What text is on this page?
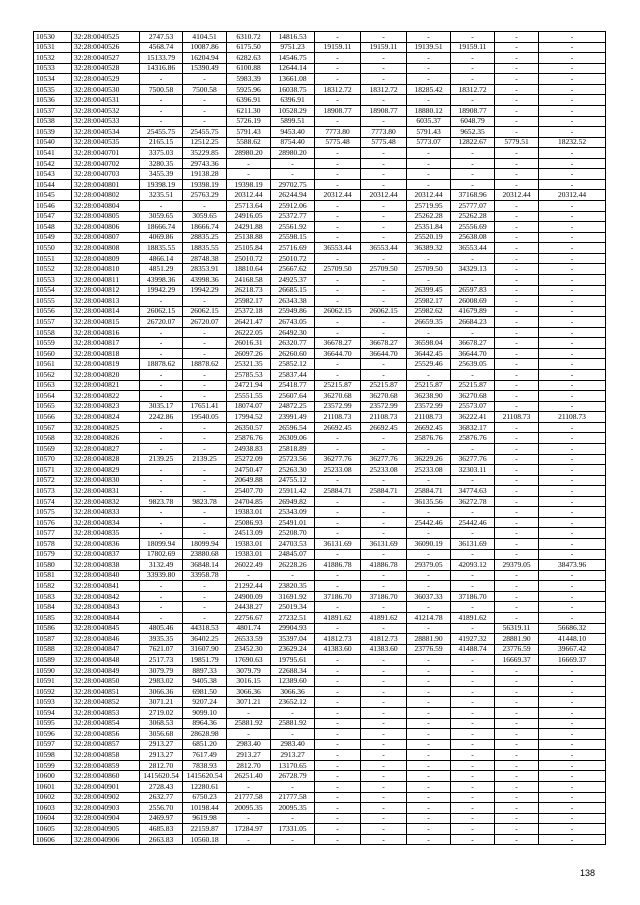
10530	32:28:0040525	2747.53	4104.51	6310.72	14816.53	-	-	-	-	-	-
10531	32:28:0040526	4568.74	10087.86	6175.50	9751.23	19159.11	19159.11	19139.51	19159.11	-	-
10532	32:28:0040527	15133.79	16204.94	6282.63	14546.75	-	-	-	-	-	-
10533	32:28:0040528	14316.86	15390.49	6100.88	12644.14	-	-	-	-	-	-
10534	32:28:0040529	-	-	5983.39	13661.08	-	-	-	-	-	-
10535	32:28:0040530	7500.58	7500.58	5925.96	16038.75	18312.72	18312.72	18285.42	18312.72	-	-
10536	32:28:0040531	-	-	6396.91	6396.91	-	-	-	-	-	-
10537	32:28:0040532	-	-	6211.30	10528.29	18908.77	18908.77	18880.12	18908.77	-	-
10538	32:28:0040533	-	-	5726.19	5899.51	-	-	6035.37	6048.79	-	-
10539	32:28:0040534	25455.75	25455.75	5791.43	9453.40	7773.80	7773.80	5791.43	9652.35	-	-
10540	32:28:0040535	2165.15	12512.25	5588.62	8754.40	5775.48	5775.48	5773.07	12822.67	5779.51	18232.52
10541	32:28:0040701	3375.03	35229.85	28980.20	28980.20	-	-	-	-	-	-
10542	32:28:0040702	3280.35	29743.36	-	-	-	-	-	-	-	-
10543	32:28:0040703	3455.39	19138.28	-	-	-	-	-	-	-	-
10544	32:28:0040801	19398.19	19398.19	19398.19	29702.75	-	-	-	-	-	-
10545	32:28:0040802	3235.51	25763.29	20312.44	26244.94	20312.44	20312.44	20312.44	37168.96	20312.44	20312.44
10546	32:28:0040804	-	-	25713.64	25912.06	-	-	25719.95	25777.07	-	-
10547	32:28:0040805	3059.65	3059.65	24916.05	25372.77	-	-	25262.28	25262.28	-	-
10548	32:28:0040806	18666.74	18666.74	24291.88	25561.92	-	-	25351.84	25556.69	-	-
10549	32:28:0040807	4069.86	28835.25	25138.88	25598.15	-	-	25520.19	25638.08	-	-
10550	32:28:0040808	18835.55	18835.55	25105.84	25716.69	36553.44	36553.44	36389.32	36553.44	-	-
10551	32:28:0040809	4866.14	28748.38	25010.72	25010.72	-	-	-	-	-	-
10552	32:28:0040810	4851.29	28353.91	18810.64	25667.62	25709.50	25709.50	25709.50	34329.13	-	-
10553	32:28:0040811	43998.36	43998.36	24168.58	24925.37	-	-	-	-	-	-
10554	32:28:0040812	19942.29	19942.29	26218.73	26685.15	-	-	26399.45	26597.83	-	-
10555	32:28:0040813	-	-	25982.17	26343.38	-	-	25982.17	26008.69	-	-
10556	32:28:0040814	26062.15	26062.15	25372.18	25949.86	26062.15	26062.15	25982.62	41679.89	-	-
10557	32:28:0040815	26720.07	26720.07	26421.47	26743.05	-	-	26659.35	26684.23	-	-
10558	32:28:0040816	-	-	26222.05	26492.30	-	-	-	-	-	-
10559	32:28:0040817	-	-	26016.31	26320.77	36678.27	36678.27	36598.04	36678.27	-	-
10560	32:28:0040818	-	-	26097.26	26260.60	36644.70	36644.70	36442.45	36644.70	-	-
10561	32:28:0040819	18878.62	18878.62	25321.35	25852.12	-	-	25529.46	25639.05	-	-
10562	32:28:0040820	-	-	25785.53	25837.44	-	-	-	-	-	-
10563	32:28:0040821	-	-	24721.94	25418.77	25215.87	25215.87	25215.87	25215.87	-	-
10564	32:28:0040822	-	-	25551.55	25607.64	36270.68	36270.68	36238.90	36270.68	-	-
10565	32:28:0040823	3035.17	17651.41	18074.07	24872.25	23572.99	23572.99	23572.99	25573.07	-	-
10566	32:28:0040824	2242.86	19540.05	17994.52	23991.49	21108.73	21108.73	21108.73	36222.41	21108.73	21108.73
10567	32:28:0040825	-	-	26350.57	26596.54	26692.45	26692.45	26692.45	36832.17	-	-
10568	32:28:0040826	-	-	25876.76	26309.06	-	-	25876.76	25876.76	-	-
10569	32:28:0040827	-	-	24938.83	25818.89	-	-	-	-	-	-
10570	32:28:0040828	2139.25	2139.25	25272.09	25723.56	36277.76	36277.76	36229.26	36277.76	-	-
10571	32:28:0040829	-	-	24750.47	25263.30	25233.08	25233.08	25233.08	32303.11	-	-
10572	32:28:0040830	-	-	20649.88	24755.12	-	-	-	-	-	-
10573	32:28:0040831	-	-	25407.70	25911.42	25884.71	25884.71	25884.71	34774.63	-	-
10574	32:28:0040832	9823.78	9823.78	24704.85	26949.82	-	-	36135.56	36272.78	-	-
10575	32:28:0040833	-	-	19383.01	25343.09	-	-	-	-	-	-
10576	32:28:0040834	-	-	25086.93	25491.01	-	-	25442.46	25442.46	-	-
10577	32:28:0040835	-	-	24513.09	25208.70	-	-	-	-	-	-
10578	32:28:0040836	18099.94	18099.94	19383.01	24703.53	36131.69	36131.69	36090.19	36131.69	-	-
10579	32:28:0040837	17802.69	23880.68	19383.01	24845.07	-	-	-	-	-	-
10580	32:28:0040838	3132.49	36848.14	26022.49	26228.26	41886.78	41886.78	29379.05	42093.12	29379.05	38473.96
10581	32:28:0040840	33939.80	33958.78	-	-	-	-	-	-	-	-
10582	32:28:0040841	-	-	21292.44	23820.35	-	-	-	-	-	-
10583	32:28:0040842	-	-	24900.09	31691.92	37186.70	37186.70	36037.33	37186.70	-	-
10584	32:28:0040843	-	-	24438.27	25019.34	-	-	-	-	-	-
10585	32:28:0040844	-	-	22756.67	27232.51	41891.62	41891.62	41214.78	41891.62	-	-
10586	32:28:0040845	4805.46	44318.53	4801.74	29904.93	-	-	-	-	56319.11	56686.32
10587	32:28:0040846	3935.35	36402.25	26533.59	35397.04	41812.73	41812.73	28881.90	41927.32	28881.90	41448.10
10588	32:28:0040847	7621.07	31607.90	23452.30	23629.24	41383.60	41383.60	23776.59	41488.74	23776.59	39667.42
10589	32:28:0040848	2517.73	19851.79	17690.63	19795.61	-	-	-	-	16669.37	16669.37
10590	32:28:0040849	3079.79	8897.33	3079.79	22688.34	-	-	-	-	-	-
10591	32:28:0040850	2983.02	9405.38	3016.15	12389.60	-	-	-	-	-	-
10592	32:28:0040851	3066.36	6981.50	3066.36	3066.36	-	-	-	-	-	-
10593	32:28:0040852	3071.21	9207.24	3071.21	23652.12	-	-	-	-	-	-
10594	32:28:0040853	2719.02	9099.10	-	-	-	-	-	-	-	-
10595	32:28:0040854	3068.53	8964.36	25881.92	25881.92	-	-	-	-	-	-
10596	32:28:0040856	3056.68	28628.98	-	-	-	-	-	-	-	-
10597	32:28:0040857	2913.27	6851.20	2983.40	2983.40	-	-	-	-	-	-
10598	32:28:0040858	2913.27	7617.49	2913.27	2913.27	-	-	-	-	-	-
10599	32:28:0040859	2812.70	7838.93	2812.70	13170.65	-	-	-	-	-	-
10600	32:28:0040860	1415620.54	1415620.54	26251.40	26728.79	-	-	-	-	-	-
10601	32:28:0040901	2728.43	12280.61	-	-	-	-	-	-	-	-
10602	32:28:0040902	2632.77	6750.23	21777.58	21777.58	-	-	-	-	-	-
10603	32:28:0040903	2556.70	10198.44	20095.35	20095.35	-	-	-	-	-	-
10604	32:28:0040904	2469.97	9619.98	-	-	-	-	-	-	-	-
10605	32:28:0040905	4685.83	22159.87	17284.97	17331.05	-	-	-	-	-	-
10606	32:28:0040906	2663.83	10560.18	-	-	-	-	-	-	-	-
138
